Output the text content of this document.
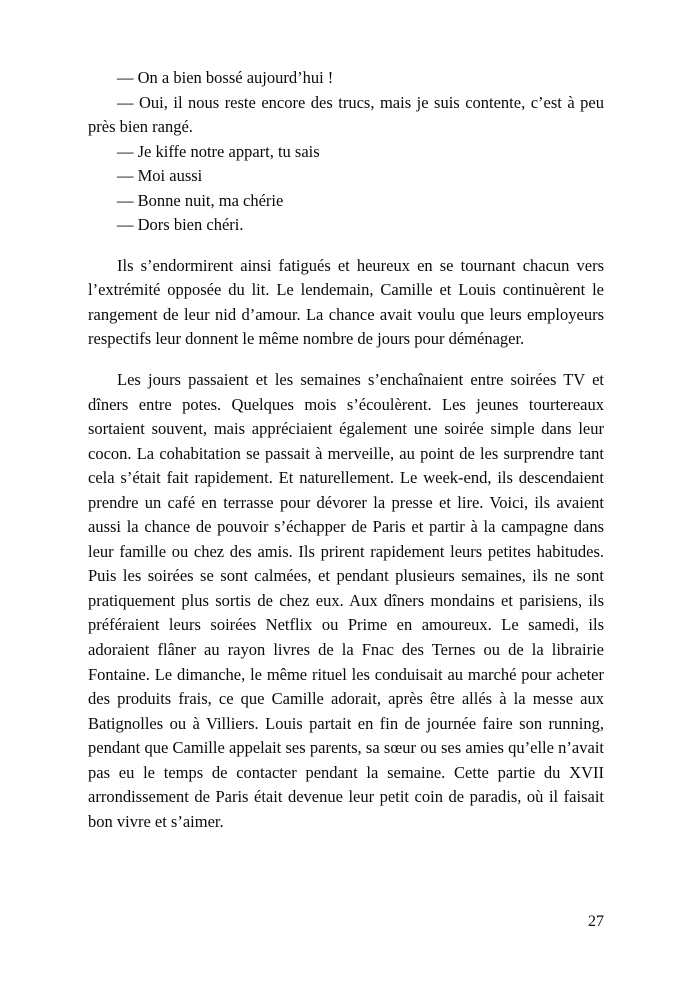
— On a bien bossé aujourd’hui !

— Oui, il nous reste encore des trucs, mais je suis contente, c’est à peu près bien rangé.

— Je kiffe notre appart, tu sais

— Moi aussi

— Bonne nuit, ma chérie

— Dors bien chéri.

Ils s’endormirent ainsi fatigués et heureux en se tournant chacun vers l’extrémité opposée du lit. Le lendemain, Camille et Louis continuèrent le rangement de leur nid d’amour. La chance avait voulu que leurs employeurs respectifs leur donnent le même nombre de jours pour déménager.

Les jours passaient et les semaines s’enchaînaient entre soirées TV et dîners entre potes. Quelques mois s’écoulèrent. Les jeunes tourtereaux sortaient souvent, mais appréciaient également une soirée simple dans leur cocon. La cohabitation se passait à merveille, au point de les surprendre tant cela s’était fait rapidement. Et naturellement. Le week-end, ils descendaient prendre un café en terrasse pour dévorer la presse et lire. Voici, ils avaient aussi la chance de pouvoir s’échapper de Paris et partir à la campagne dans leur famille ou chez des amis. Ils prirent rapidement leurs petites habitudes. Puis les soirées se sont calmées, et pendant plusieurs semaines, ils ne sont pratiquement plus sortis de chez eux. Aux dîners mondains et parisiens, ils préféraient leurs soirées Netflix ou Prime en amoureux. Le samedi, ils adoraient flâner au rayon livres de la Fnac des Ternes ou de la librairie Fontaine. Le dimanche, le même rituel les conduisait au marché pour acheter des produits frais, ce que Camille adorait, après être allés à la messe aux Batignolles ou à Villiers. Louis partait en fin de journée faire son running, pendant que Camille appelait ses parents, sa sœur ou ses amies qu’elle n’avait pas eu le temps de contacter pendant la semaine. Cette partie du XVII arrondissement de Paris était devenue leur petit coin de paradis, où il faisait bon vivre et s’aimer.

27
